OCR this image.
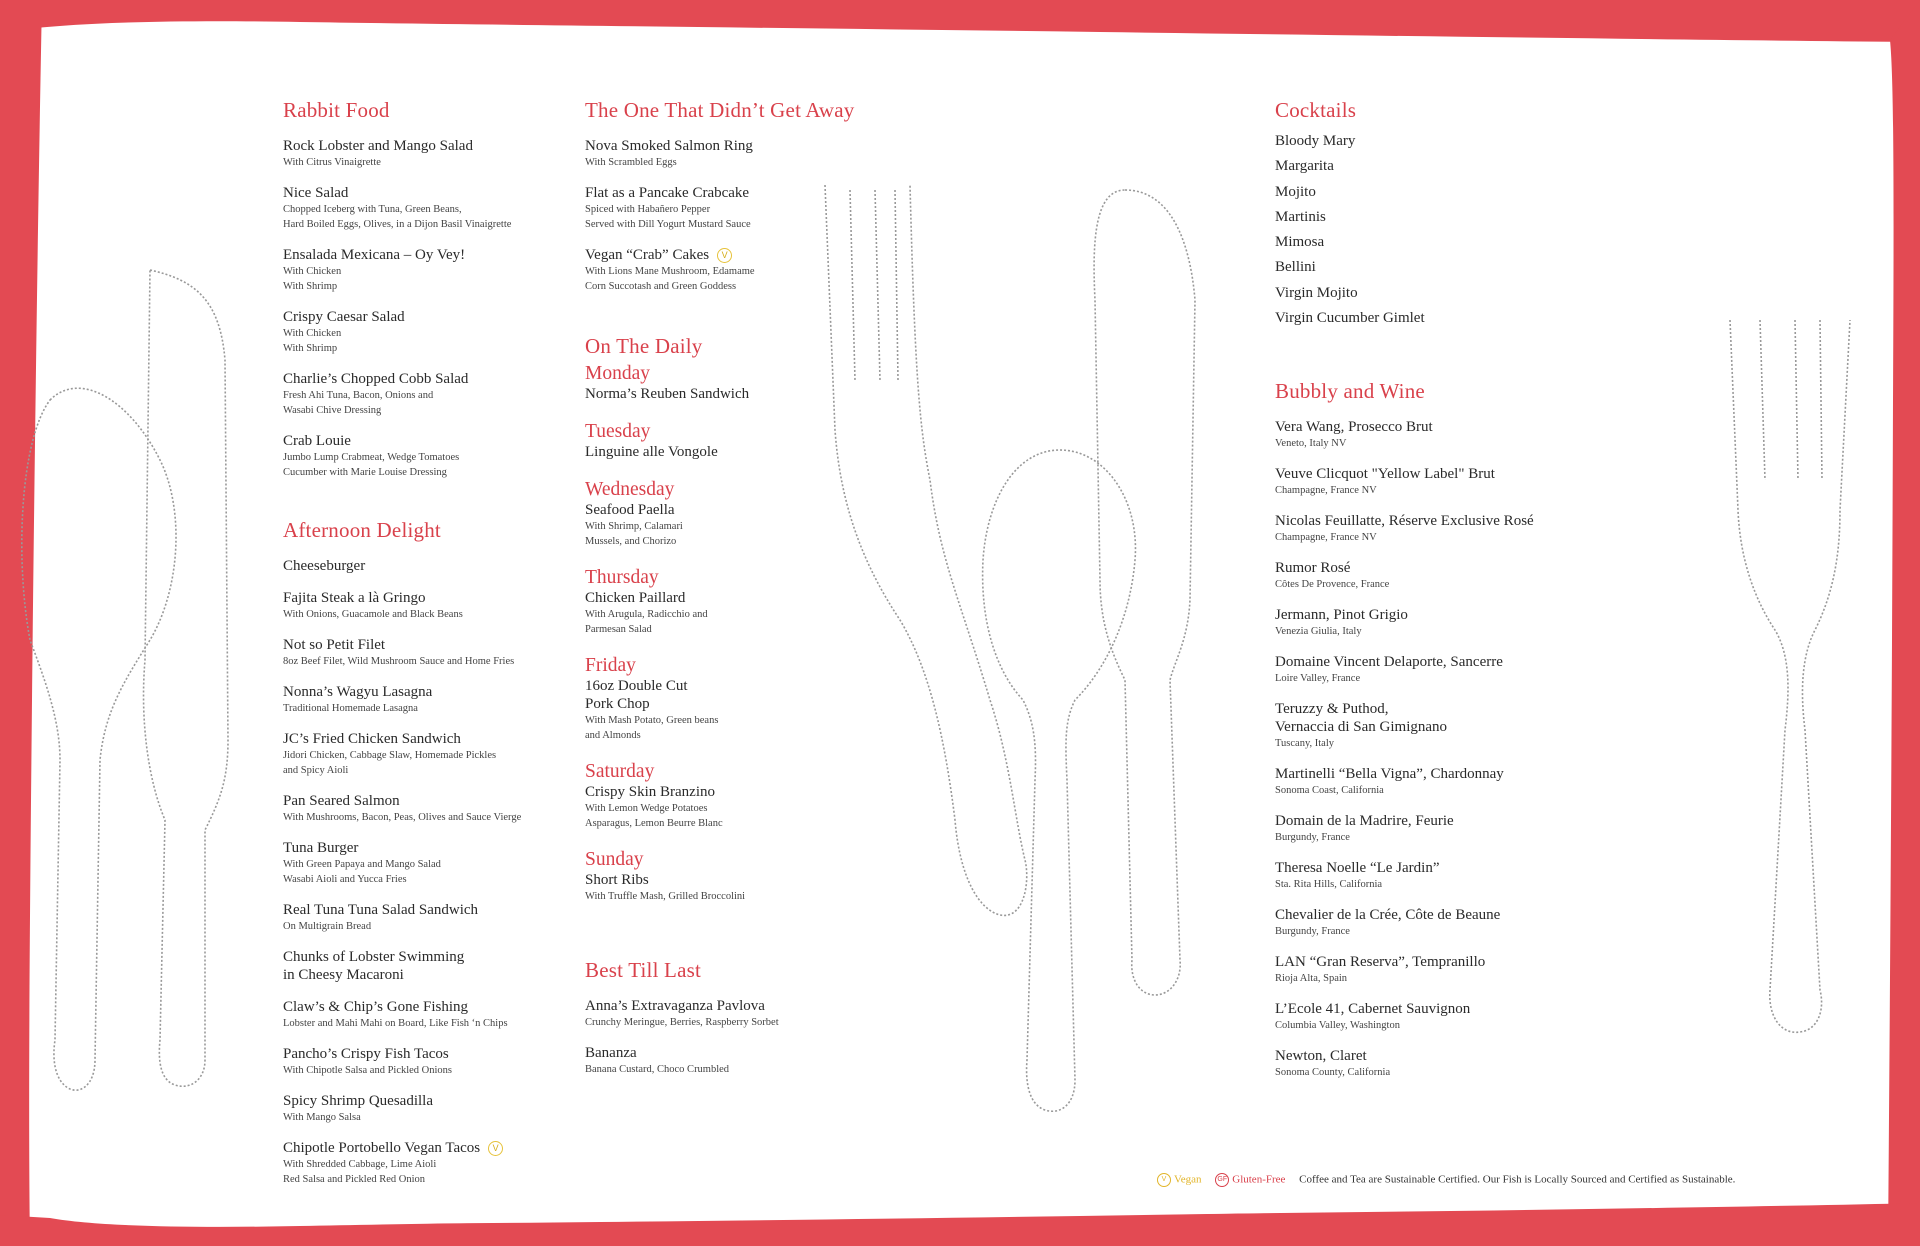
Rabbit Food
Rock Lobster and Mango Salad
With Citrus Vinaigrette
Nice Salad
Chopped Iceberg with Tuna, Green Beans,
Hard Boiled Eggs, Olives, in a Dijon Basil Vinaigrette
Ensalada Mexicana – Oy Vey!
With Chicken
With Shrimp
Crispy Caesar Salad
With Chicken
With Shrimp
Charlie’s Chopped Cobb Salad
Fresh Ahi Tuna, Bacon, Onions and
Wasabi Chive Dressing
Crab Louie
Jumbo Lump Crabmeat, Wedge Tomatoes
Cucumber with Marie Louise Dressing
Afternoon Delight
Cheeseburger
Fajita Steak a là Gringo
With Onions, Guacamole and Black Beans
Not so Petit Filet
8oz Beef Filet, Wild Mushroom Sauce and Home Fries
Nonna’s Wagyu Lasagna
Traditional Homemade Lasagna
JC’s Fried Chicken Sandwich
Jidori Chicken, Cabbage Slaw, Homemade Pickles
and Spicy Aioli
Pan Seared Salmon
With Mushrooms, Bacon, Peas, Olives and Sauce Vierge
Tuna Burger
With Green Papaya and Mango Salad
Wasabi Aioli and Yucca Fries
Real Tuna Tuna Salad Sandwich
On Multigrain Bread
Chunks of Lobster Swimming
in Cheesy Macaroni
Claw’s & Chip’s Gone Fishing
Lobster and Mahi Mahi on Board, Like Fish ‘n Chips
Pancho’s Crispy Fish Tacos
With Chipotle Salsa and Pickled Onions
Spicy Shrimp Quesadilla
With Mango Salsa
Chipotle Portobello Vegan Tacos V
With Shredded Cabbage, Lime Aioli
Red Salsa and Pickled Red Onion
The One That Didn’t Get Away
Nova Smoked Salmon Ring
With Scrambled Eggs
Flat as a Pancake Crabcake
Spiced with Habañero Pepper
Served with Dill Yogurt Mustard Sauce
Vegan “Crab” Cakes V
With Lions Mane Mushroom, Edamame
Corn Succotash and Green Goddess
On The Daily
Monday
Norma’s Reuben Sandwich
Tuesday
Linguine alle Vongole
Wednesday
Seafood Paella
With Shrimp, Calamari
Mussels, and Chorizo
Thursday
Chicken Paillard
With Arugula, Radicchio and
Parmesan Salad
Friday
16oz Double Cut
Pork Chop
With Mash Potato, Green beans
and Almonds
Saturday
Crispy Skin Branzino
With Lemon Wedge Potatoes
Asparagus, Lemon Beurre Blanc
Sunday
Short Ribs
With Truffle Mash, Grilled Broccolini
Best Till Last
Anna’s Extravaganza Pavlova
Crunchy Meringue, Berries, Raspberry Sorbet
Bananza
Banana Custard, Choco Crumbled
Cocktails
Bloody Mary
Margarita
Mojito
Martinis
Mimosa
Bellini
Virgin Mojito
Virgin Cucumber Gimlet
Bubbly and Wine
Vera Wang, Prosecco Brut
Veneto, Italy NV
Veuve Clicquot "Yellow Label" Brut
Champagne, France NV
Nicolas Feuillatte, Réserve Exclusive Rosé
Champagne, France NV
Rumor Rosé
Côtes De Provence, France
Jermann, Pinot Grigio
Venezia Giulia, Italy
Domaine Vincent Delaporte, Sancerre
Loire Valley, France
Teruzzy & Puthod,
Vernaccia di San Gimignano
Tuscany, Italy
Martinelli “Bella Vigna”, Chardonnay
Sonoma Coast, California
Domain de la Madrire, Feurie
Burgundy, France
Theresa Noelle “Le Jardin”
Sta. Rita Hills, California
Chevalier de la Crée, Côte de Beaune
Burgundy, France
LAN “Gran Reserva”, Tempranillo
Rioja Alta, Spain
L’Ecole 41, Cabernet Sauvignon
Columbia Valley, Washington
Newton, Claret
Sonoma County, California
V Vegan GF Gluten-Free Coffee and Tea are Sustainable Certified. Our Fish is Locally Sourced and Certified as Sustainable.
